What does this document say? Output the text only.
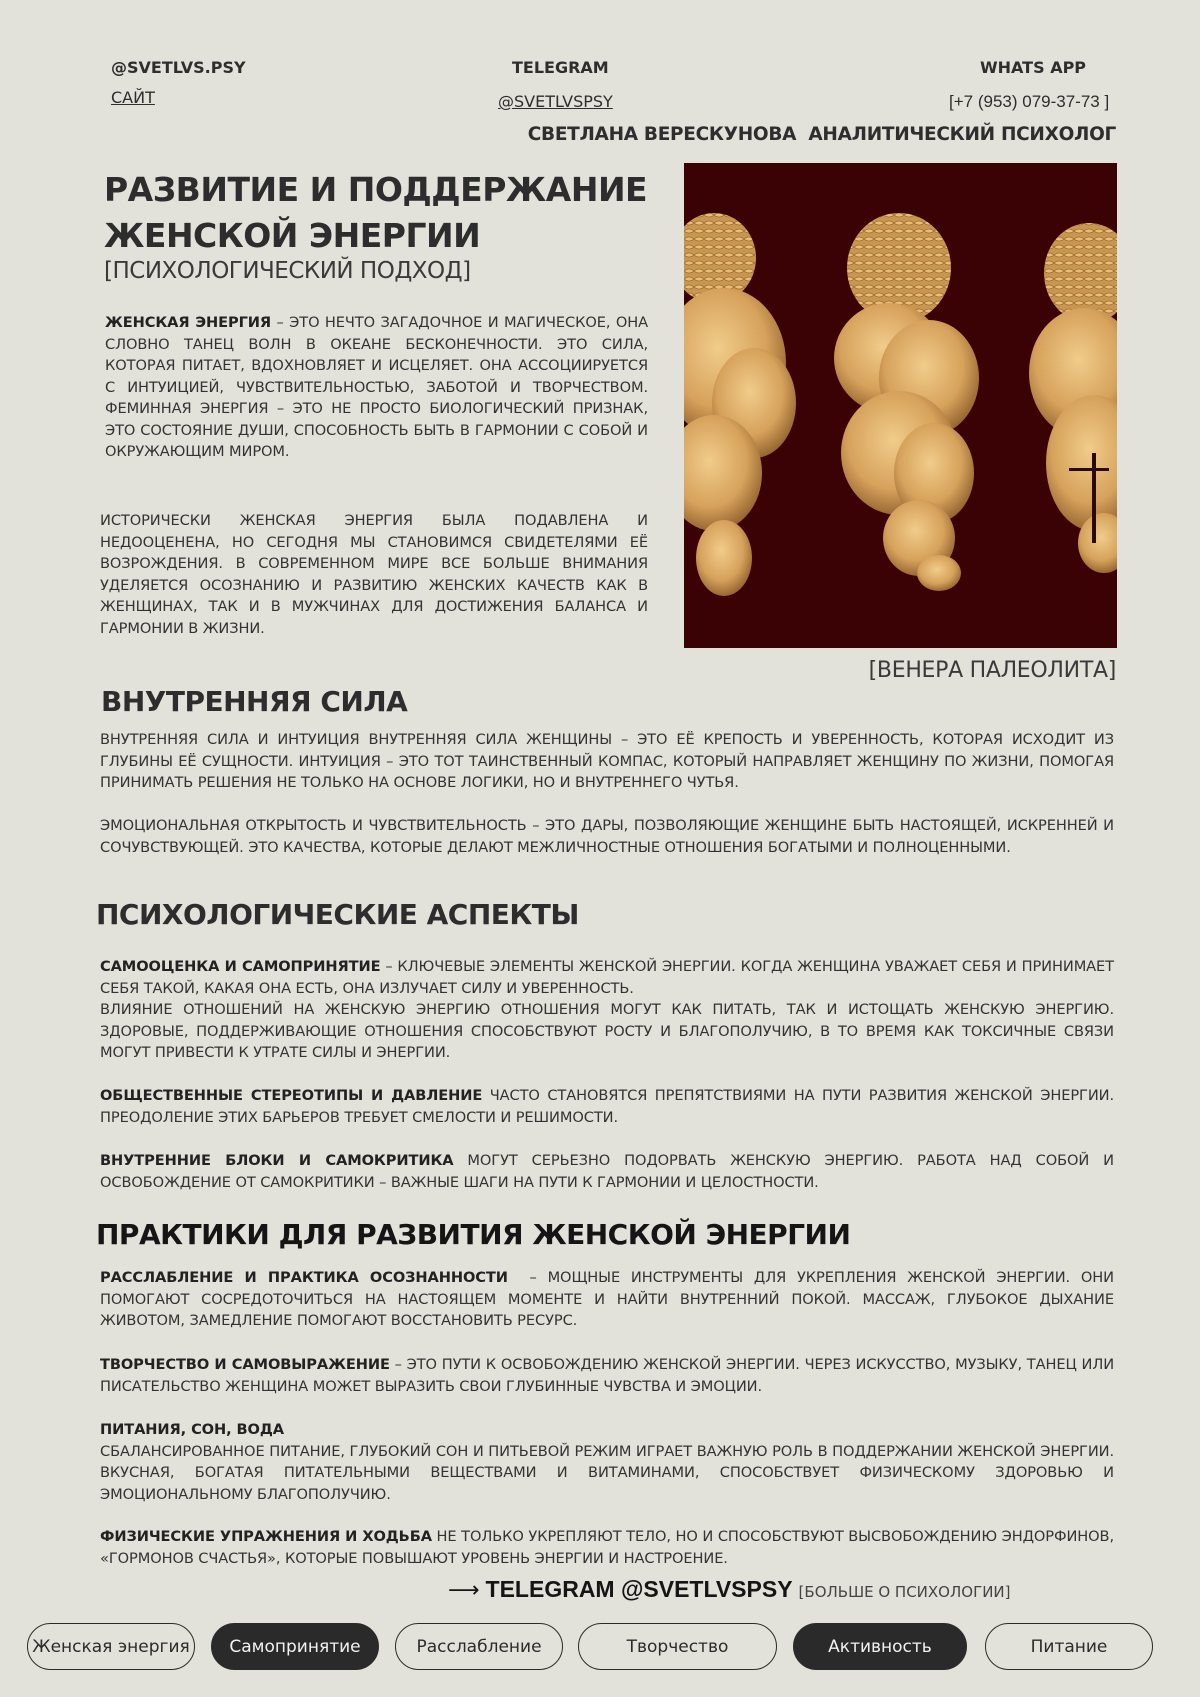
@SVETLVS.PSY
САЙТ
TELEGRAM
@SVETLVSPSY
WHATS APP
[+7 (953) 079-37-73 ]
СВЕТЛАНА ВЕРЕСКУНОВА  АНАЛИТИЧЕСКИЙ ПСИХОЛОГ
РАЗВИТИЕ И ПОДДЕРЖАНИЕ
ЖЕНСКОЙ ЭНЕРГИИ
[ПСИХОЛОГИЧЕСКИЙ ПОДХОД]
ЖЕНСКАЯ ЭНЕРГИЯ – ЭТО НЕЧТО ЗАГАДОЧНОЕ И МАГИЧЕСКОЕ, ОНА СЛОВНО ТАНЕЦ ВОЛН В ОКЕАНЕ БЕСКОНЕЧНОСТИ. ЭТО СИЛА, КОТОРАЯ ПИТАЕТ, ВДОХНОВЛЯЕТ И ИСЦЕЛЯЕТ. ОНА АССОЦИИРУЕТСЯ С ИНТУИЦИЕЙ, ЧУВСТВИТЕЛЬНОСТЬЮ, ЗАБОТОЙ И ТВОРЧЕСТВОМ. ФЕМИННАЯ ЭНЕРГИЯ – ЭТО НЕ ПРОСТО БИОЛОГИЧЕСКИЙ ПРИЗНАК, ЭТО СОСТОЯНИЕ ДУШИ, СПОСОБНОСТЬ БЫТЬ В ГАРМОНИИ С СОБОЙ И ОКРУЖАЮЩИМ МИРОМ.
ИСТОРИЧЕСКИ ЖЕНСКАЯ ЭНЕРГИЯ БЫЛА ПОДАВЛЕНА И НЕДООЦЕНЕНА, НО СЕГОДНЯ МЫ СТАНОВИМСЯ СВИДЕТЕЛЯМИ ЕЁ ВОЗРОЖДЕНИЯ. В СОВРЕМЕННОМ МИРЕ ВСЕ БОЛЬШЕ ВНИМАНИЯ УДЕЛЯЕТСЯ ОСОЗНАНИЮ И РАЗВИТИЮ ЖЕНСКИХ КАЧЕСТВ КАК В ЖЕНЩИНАХ, ТАК И В МУЖЧИНАХ ДЛЯ ДОСТИЖЕНИЯ БАЛАНСА И ГАРМОНИИ В ЖИЗНИ.
[ВЕНЕРА ПАЛЕОЛИТА]
ВНУТРЕННЯЯ СИЛА
ВНУТРЕННЯЯ СИЛА И ИНТУИЦИЯ ВНУТРЕННЯЯ СИЛА ЖЕНЩИНЫ – ЭТО ЕЁ КРЕПОСТЬ И УВЕРЕННОСТЬ, КОТОРАЯ ИСХОДИТ ИЗ ГЛУБИНЫ ЕЁ СУЩНОСТИ. ИНТУИЦИЯ – ЭТО ТОТ ТАИНСТВЕННЫЙ КОМПАС, КОТОРЫЙ НАПРАВЛЯЕТ ЖЕНЩИНУ ПО ЖИЗНИ, ПОМОГАЯ ПРИНИМАТЬ РЕШЕНИЯ НЕ ТОЛЬКО НА ОСНОВЕ ЛОГИКИ, НО И ВНУТРЕННЕГО ЧУТЬЯ.
ЭМОЦИОНАЛЬНАЯ ОТКРЫТОСТЬ И ЧУВСТВИТЕЛЬНОСТЬ – ЭТО ДАРЫ, ПОЗВОЛЯЮЩИЕ ЖЕНЩИНЕ БЫТЬ НАСТОЯЩЕЙ, ИСКРЕННЕЙ И СОЧУВСТВУЮЩЕЙ. ЭТО КАЧЕСТВА, КОТОРЫЕ ДЕЛАЮТ МЕЖЛИЧНОСТНЫЕ ОТНОШЕНИЯ БОГАТЫМИ И ПОЛНОЦЕННЫМИ.
ПСИХОЛОГИЧЕСКИЕ АСПЕКТЫ
САМООЦЕНКА И САМОПРИНЯТИЕ – КЛЮЧЕВЫЕ ЭЛЕМЕНТЫ ЖЕНСКОЙ ЭНЕРГИИ. КОГДА ЖЕНЩИНА УВАЖАЕТ СЕБЯ И ПРИНИМАЕТ СЕБЯ ТАКОЙ, КАКАЯ ОНА ЕСТЬ, ОНА ИЗЛУЧАЕТ СИЛУ И УВЕРЕННОСТЬ.
ВЛИЯНИЕ ОТНОШЕНИЙ НА ЖЕНСКУЮ ЭНЕРГИЮ ОТНОШЕНИЯ МОГУТ КАК ПИТАТЬ, ТАК И ИСТОЩАТЬ ЖЕНСКУЮ ЭНЕРГИЮ. ЗДОРОВЫЕ, ПОДДЕРЖИВАЮЩИЕ ОТНОШЕНИЯ СПОСОБСТВУЮТ РОСТУ И БЛАГОПОЛУЧИЮ, В ТО ВРЕМЯ КАК ТОКСИЧНЫЕ СВЯЗИ МОГУТ ПРИВЕСТИ К УТРАТЕ СИЛЫ И ЭНЕРГИИ.
ОБЩЕСТВЕННЫЕ СТЕРЕОТИПЫ И ДАВЛЕНИЕ ЧАСТО СТАНОВЯТСЯ ПРЕПЯТСТВИЯМИ НА ПУТИ РАЗВИТИЯ ЖЕНСКОЙ ЭНЕРГИИ. ПРЕОДОЛЕНИЕ ЭТИХ БАРЬЕРОВ ТРЕБУЕТ СМЕЛОСТИ И РЕШИМОСТИ.
ВНУТРЕННИЕ БЛОКИ И САМОКРИТИКА МОГУТ СЕРЬЕЗНО ПОДОРВАТЬ ЖЕНСКУЮ ЭНЕРГИЮ. РАБОТА НАД СОБОЙ И ОСВОБОЖДЕНИЕ ОТ САМОКРИТИКИ – ВАЖНЫЕ ШАГИ НА ПУТИ К ГАРМОНИИ И ЦЕЛОСТНОСТИ.
ПРАКТИКИ ДЛЯ РАЗВИТИЯ ЖЕНСКОЙ ЭНЕРГИИ
РАССЛАБЛЕНИЕ И ПРАКТИКА ОСОЗНАННОСТИ  – МОЩНЫЕ ИНСТРУМЕНТЫ ДЛЯ УКРЕПЛЕНИЯ ЖЕНСКОЙ ЭНЕРГИИ. ОНИ ПОМОГАЮТ СОСРЕДОТОЧИТЬСЯ НА НАСТОЯЩЕМ МОМЕНТЕ И НАЙТИ ВНУТРЕННИЙ ПОКОЙ. МАССАЖ, ГЛУБОКОЕ ДЫХАНИЕ ЖИВОТОМ, ЗАМЕДЛЕНИЕ ПОМОГАЮТ ВОССТАНОВИТЬ РЕСУРС.
ТВОРЧЕСТВО И САМОВЫРАЖЕНИЕ – ЭТО ПУТИ К ОСВОБОЖДЕНИЮ ЖЕНСКОЙ ЭНЕРГИИ. ЧЕРЕЗ ИСКУССТВО, МУЗЫКУ, ТАНЕЦ ИЛИ ПИСАТЕЛЬСТВО ЖЕНЩИНА МОЖЕТ ВЫРАЗИТЬ СВОИ ГЛУБИННЫЕ ЧУВСТВА И ЭМОЦИИ.
ПИТАНИЯ, СОН, ВОДА
СБАЛАНСИРОВАННОЕ ПИТАНИЕ, ГЛУБОКИЙ СОН И ПИТЬЕВОЙ РЕЖИМ ИГРАЕТ ВАЖНУЮ РОЛЬ В ПОДДЕРЖАНИИ ЖЕНСКОЙ ЭНЕРГИИ. ВКУСНАЯ, БОГАТАЯ ПИТАТЕЛЬНЫМИ ВЕЩЕСТВАМИ И ВИТАМИНАМИ, СПОСОБСТВУЕТ ФИЗИЧЕСКОМУ ЗДОРОВЬЮ И ЭМОЦИОНАЛЬНОМУ БЛАГОПОЛУЧИЮ.
ФИЗИЧЕСКИЕ УПРАЖНЕНИЯ И ХОДЬБА НЕ ТОЛЬКО УКРЕПЛЯЮТ ТЕЛО, НО И СПОСОБСТВУЮТ ВЫСВОБОЖДЕНИЮ ЭНДОРФИНОВ, «ГОРМОНОВ СЧАСТЬЯ», КОТОРЫЕ ПОВЫШАЮТ УРОВЕНЬ ЭНЕРГИИ И НАСТРОЕНИЕ.
⟶ TELEGRAM @SVETLVSPSY [БОЛЬШЕ О ПСИХОЛОГИИ]
Женская энергия	Самопринятие	Расслабление	Творчество	Активность	Питание
